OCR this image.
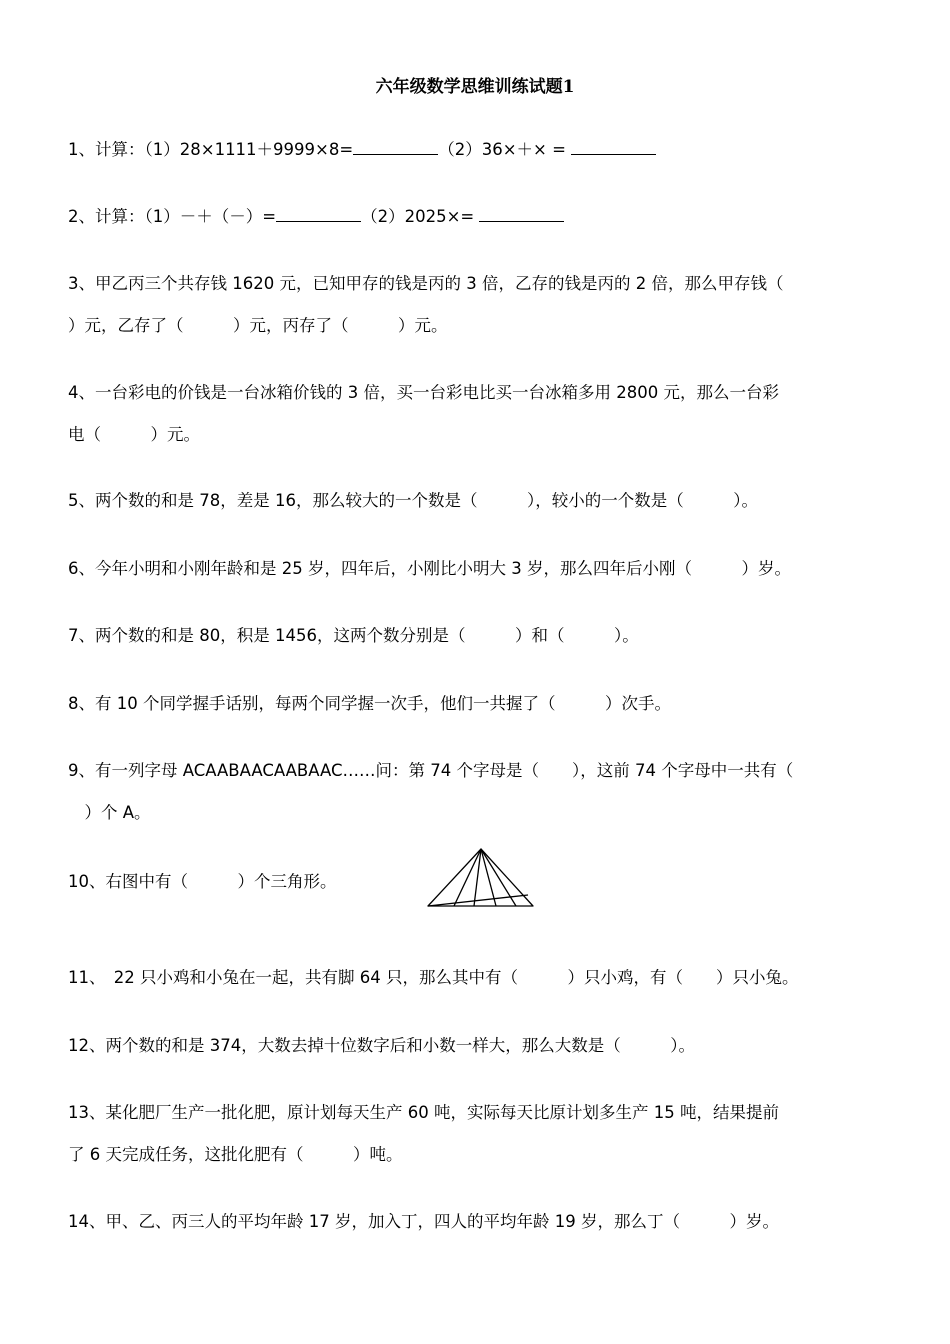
六年级数学思维训练试题1
1、计算：（1）28×1111＋9999×8=	（2）36×＋× =
2、计算：（1）－＋（－）=	（2）2025×=
3、甲乙丙三个共存钱 1620 元，已知甲存的钱是丙的 3 倍，乙存的钱是丙的 2 倍，那么甲存钱（
）元，乙存了（　　　）元，丙存了（　　　）元。
4、一台彩电的价钱是一台冰箱价钱的 3 倍，买一台彩电比买一台冰箱多用 2800 元，那么一台彩
电（　　　）元。
5、两个数的和是 78，差是 16，那么较大的一个数是（　　　），较小的一个数是（　　　）。
6、今年小明和小刚年龄和是 25 岁，四年后，小刚比小明大 3 岁，那么四年后小刚（　　　）岁。
7、两个数的和是 80，积是 1456，这两个数分别是（　　　）和（　　　）。
8、有 10 个同学握手话别，每两个同学握一次手，他们一共握了（　　　）次手。
9、有一列字母 ACAABAACAABAAC……问：第 74 个字母是（　　），这前 74 个字母中一共有（
　）个 A。
10、右图中有（　　　）个三角形。
11、　22 只小鸡和小兔在一起，共有脚 64 只，那么其中有（　　　）只小鸡，有（　　）只小兔。
12、两个数的和是 374，大数去掉十位数字后和小数一样大，那么大数是（　　　）。
13、某化肥厂生产一批化肥，原计划每天生产 60 吨，实际每天比原计划多生产 15 吨，结果提前
了 6 天完成任务，这批化肥有（　　　）吨。
14、甲、乙、丙三人的平均年龄 17 岁，加入丁，四人的平均年龄 19 岁，那么丁（　　　）岁。
